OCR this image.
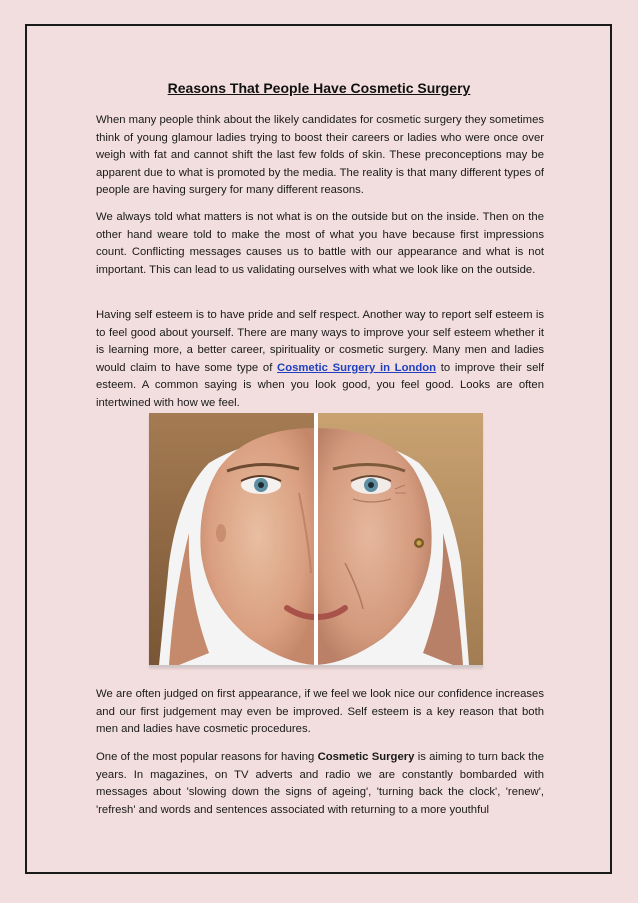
Reasons That People Have Cosmetic Surgery

When many people think about the likely candidates for cosmetic surgery they sometimes think of young glamour ladies trying to boost their careers or ladies who were once over weigh with fat and cannot shift the last few folds of skin. These preconceptions may be apparent due to what is promoted by the media. The reality is that many different types of people are having surgery for many different reasons.

We always told what matters is not what is on the outside but on the inside. Then on the other hand weare told to make the most of what you have because first impressions count. Conflicting messages causes us to battle with our appearance and what is not important. This can lead to us validating ourselves with what we look like on the outside.

Having self esteem is to have pride and self respect. Another way to report self esteem is to feel good about yourself. There are many ways to improve your self esteem whether it is learning more, a better career, spirituality or cosmetic surgery. Many men and ladies would claim to have some type of Cosmetic Surgery in London to improve their self esteem. A common saying is when you look good, you feel good. Looks are often intertwined with how we feel.

We are often judged on first appearance, if we feel we look nice our confidence increases and our first judgement may even be improved. Self esteem is a key reason that both men and ladies have cosmetic procedures.

One of the most popular reasons for having Cosmetic Surgery is aiming to turn back the years. In magazines, on TV adverts and radio we are constantly bombarded with messages about 'slowing down the signs of ageing', 'turning back the clock', 'renew', 'refresh' and words and sentences associated with returning to a more youthful
